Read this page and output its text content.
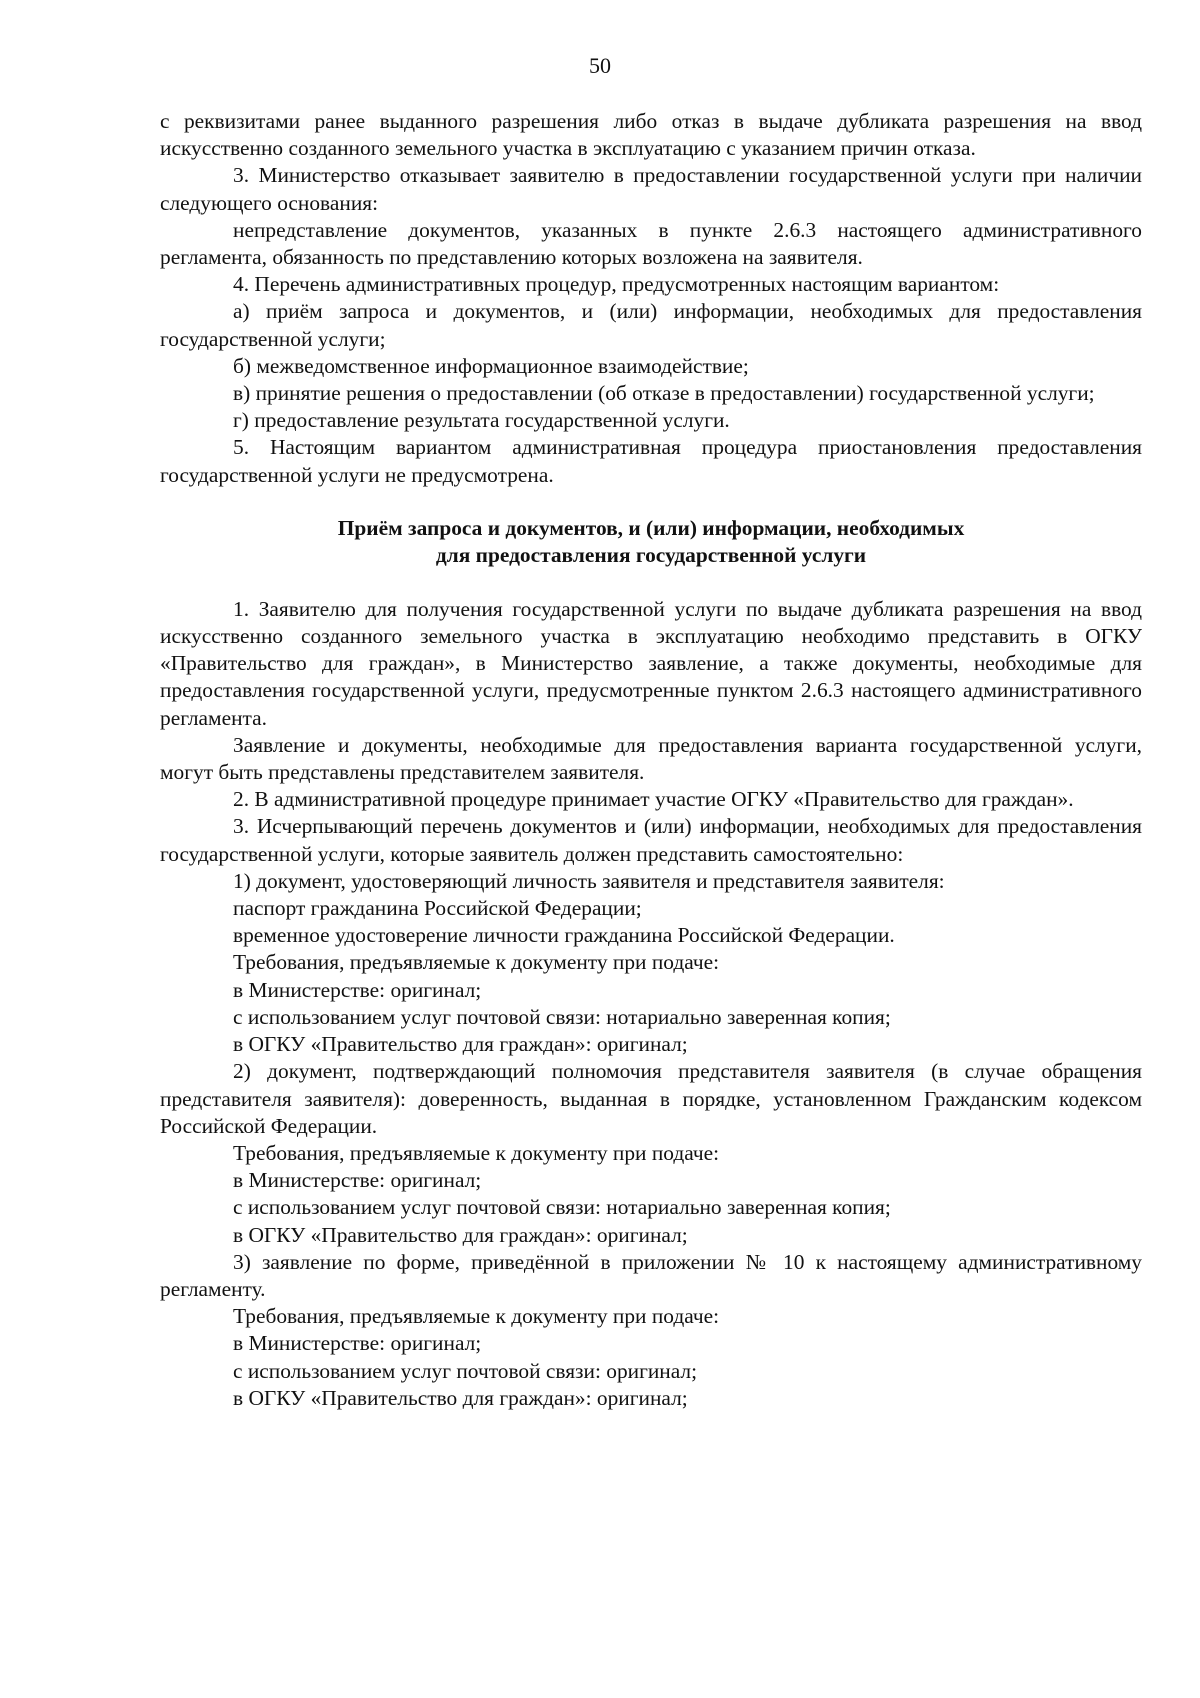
50

с реквизитами ранее выданного разрешения либо отказ в выдаче дубликата разрешения на ввод искусственно созданного земельного участка в эксплуатацию с указанием причин отказа.

3. Министерство отказывает заявителю в предоставлении государственной услуги при наличии следующего основания:

непредставление документов, указанных в пункте 2.6.3 настоящего административного регламента, обязанность по представлению которых возложена на заявителя.

4. Перечень административных процедур, предусмотренных настоящим вариантом:

а) приём запроса и документов, и (или) информации, необходимых для предоставления государственной услуги;

б) межведомственное информационное взаимодействие;

в) принятие решения о предоставлении (об отказе в предоставлении) государственной услуги;

г) предоставление результата государственной услуги.

5. Настоящим вариантом административная процедура приостановления предоставления государственной услуги не предусмотрена.

Приём запроса и документов, и (или) информации, необходимых
для предоставления государственной услуги

1. Заявителю для получения государственной услуги по выдаче дубликата разрешения на ввод искусственно созданного земельного участка в эксплуатацию необходимо представить в ОГКУ «Правительство для граждан», в Министерство заявление, а также документы, необходимые для предоставления государственной услуги, предусмотренные пунктом 2.6.3 настоящего административного регламента.

Заявление и документы, необходимые для предоставления варианта государственной услуги, могут быть представлены представителем заявителя.

2. В административной процедуре принимает участие ОГКУ «Правительство для граждан».

3. Исчерпывающий перечень документов и (или) информации, необходимых для предоставления государственной услуги, которые заявитель должен представить самостоятельно:

1) документ, удостоверяющий личность заявителя и представителя заявителя:

паспорт гражданина Российской Федерации;

временное удостоверение личности гражданина Российской Федерации.

Требования, предъявляемые к документу при подаче:

в Министерстве: оригинал;

с использованием услуг почтовой связи: нотариально заверенная копия;

в ОГКУ «Правительство для граждан»: оригинал;

2) документ, подтверждающий полномочия представителя заявителя (в случае обращения представителя заявителя): доверенность, выданная в порядке, установленном Гражданским кодексом Российской Федерации.

Требования, предъявляемые к документу при подаче:

в Министерстве: оригинал;

с использованием услуг почтовой связи: нотариально заверенная копия;

в ОГКУ «Правительство для граждан»: оригинал;

3) заявление по форме, приведённой в приложении № 10 к настоящему административному регламенту.

Требования, предъявляемые к документу при подаче:

в Министерстве: оригинал;

с использованием услуг почтовой связи: оригинал;

в ОГКУ «Правительство для граждан»: оригинал;
